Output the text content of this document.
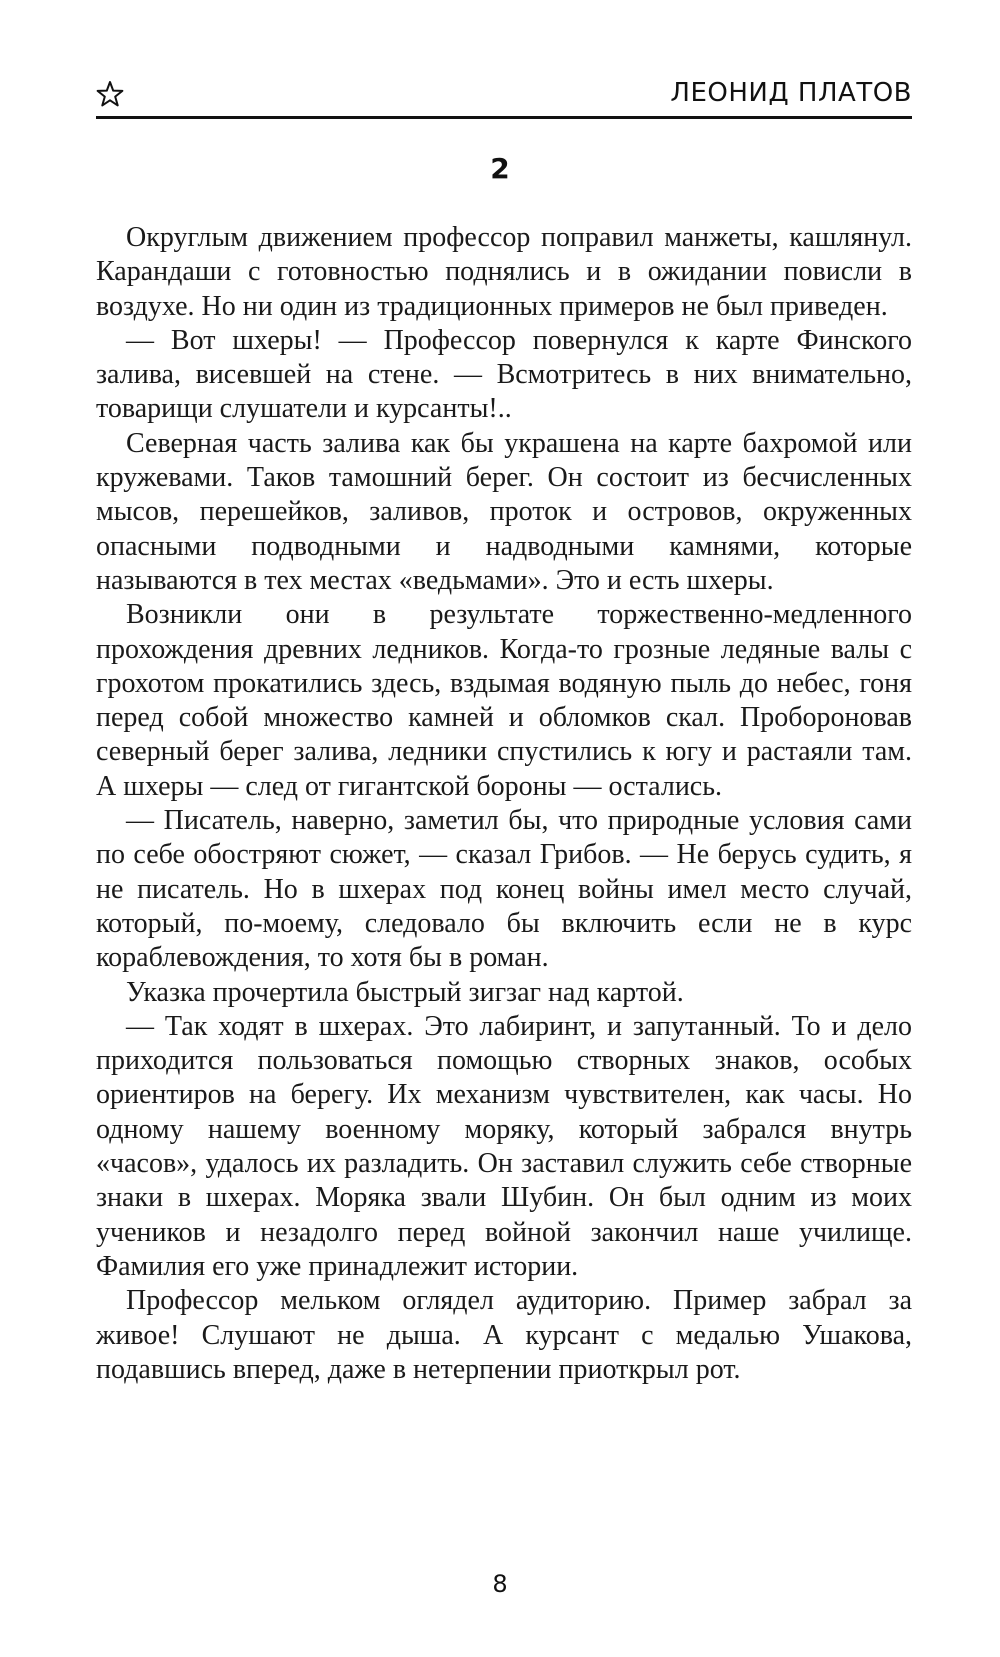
ЛЕОНИД ПЛАТОВ
2

Округлым движением профессор поправил манжеты, кашлянул. Карандаши с готовностью поднялись и в ожидании повисли в воздухе. Но ни один из традиционных примеров не был приведен.

— Вот шхеры! — Профессор повернулся к карте Финского залива, висевшей на стене. — Всмотритесь в них внимательно, товарищи слушатели и курсанты!..

Северная часть залива как бы украшена на карте бахромой или кружевами. Таков тамошний берег. Он состоит из бесчисленных мысов, перешейков, заливов, проток и островов, окруженных опасными подводными и надводными камнями, которые называются в тех местах «ведьмами». Это и есть шхеры.

Возникли они в результате торжественно-медленного прохождения древних ледников. Когда-то грозные ледяные валы с грохотом прокатились здесь, вздымая водяную пыль до небес, гоня перед собой множество камней и обломков скал. Пробороновав северный берег залива, ледники спустились к югу и растаяли там. А шхеры — след от гигантской бороны — остались.

— Писатель, наверно, заметил бы, что природные условия сами по себе обостряют сюжет, — сказал Грибов. — Не берусь судить, я не писатель. Но в шхерах под конец войны имел место случай, который, по-моему, следовало бы включить если не в курс кораблевождения, то хотя бы в роман.

Указка прочертила быстрый зигзаг над картой.

— Так ходят в шхерах. Это лабиринт, и запутанный. То и дело приходится пользоваться помощью створных знаков, особых ориентиров на берегу. Их механизм чувствителен, как часы. Но одному нашему военному моряку, который забрался внутрь «часов», удалось их разладить. Он заставил служить себе створные знаки в шхерах. Моряка звали Шубин. Он был одним из моих учеников и незадолго перед войной закончил наше училище. Фамилия его уже принадлежит истории.

Профессор мельком оглядел аудиторию. Пример забрал за живое! Слушают не дыша. А курсант с медалью Ушакова, подавшись вперед, даже в нетерпении приоткрыл рот.

8
